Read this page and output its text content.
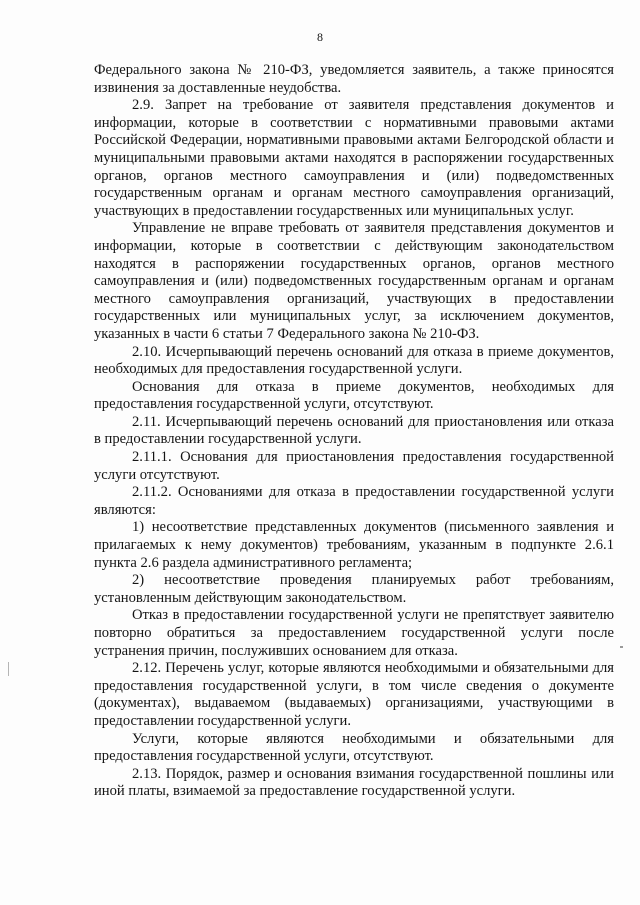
8

Федерального закона № 210-ФЗ, уведомляется заявитель, а также приносятся извинения за доставленные неудобства.

2.9. Запрет на требование от заявителя представления документов и информации, которые в соответствии с нормативными правовыми актами Российской Федерации, нормативными правовыми актами Белгородской области и муниципальными правовыми актами находятся в распоряжении государственных органов, органов местного самоуправления и (или) подведомственных государственным органам и органам местного самоуправления организаций, участвующих в предоставлении государственных или муниципальных услуг.

Управление не вправе требовать от заявителя представления документов и информации, которые в соответствии с действующим законодательством находятся в распоряжении государственных органов, органов местного самоуправления и (или) подведомственных государственным органам и органам местного самоуправления организаций, участвующих в предоставлении государственных или муниципальных услуг, за исключением документов, указанных в части 6 статьи 7 Федерального закона № 210-ФЗ.

2.10. Исчерпывающий перечень оснований для отказа в приеме документов, необходимых для предоставления государственной услуги.

Основания для отказа в приеме документов, необходимых для предоставления государственной услуги, отсутствуют.

2.11. Исчерпывающий перечень оснований для приостановления или отказа в предоставлении государственной услуги.

2.11.1. Основания для приостановления предоставления государственной услуги отсутствуют.

2.11.2. Основаниями для отказа в предоставлении государственной услуги являются:

1) несоответствие представленных документов (письменного заявления и прилагаемых к нему документов) требованиям, указанным в подпункте 2.6.1 пункта 2.6 раздела административного регламента;

2) несоответствие проведения планируемых работ требованиям, установленным действующим законодательством.

Отказ в предоставлении государственной услуги не препятствует заявителю повторно обратиться за предоставлением государственной услуги после устранения причин, послуживших основанием для отказа.

2.12. Перечень услуг, которые являются необходимыми и обязательными для предоставления государственной услуги, в том числе сведения о документе (документах), выдаваемом (выдаваемых) организациями, участвующими в предоставлении государственной услуги.

Услуги, которые являются необходимыми и обязательными для предоставления государственной услуги, отсутствуют.

2.13. Порядок, размер и основания взимания государственной пошлины или иной платы, взимаемой за предоставление государственной услуги.
